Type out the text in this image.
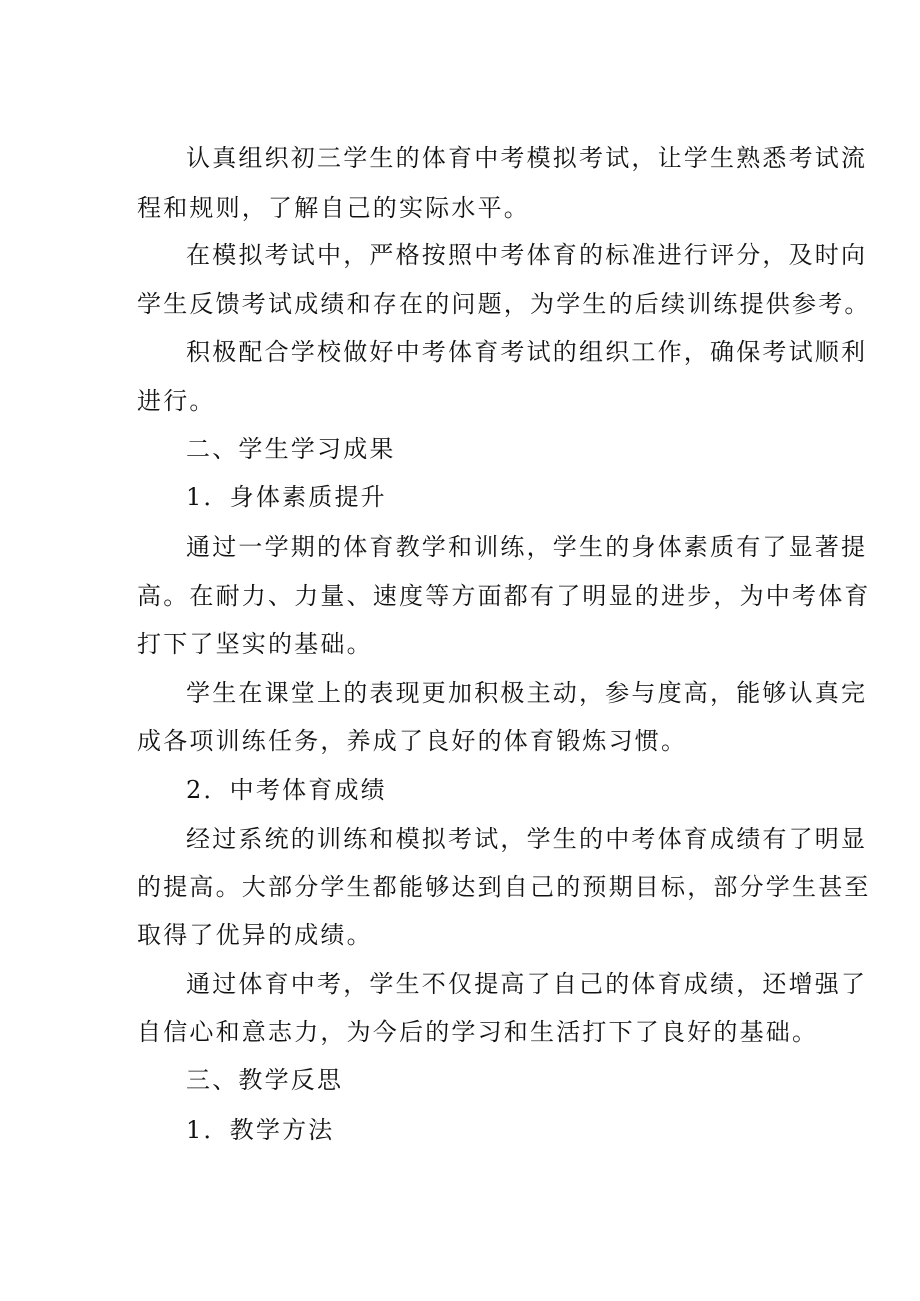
认真组织初三学生的体育中考模拟考试，让学生熟悉考试流
程和规则，了解自己的实际水平。
在模拟考试中，严格按照中考体育的标准进行评分，及时向
学生反馈考试成绩和存在的问题，为学生的后续训练提供参考。
积极配合学校做好中考体育考试的组织工作，确保考试顺利
进行。
二、学生学习成果
1．身体素质提升
通过一学期的体育教学和训练，学生的身体素质有了显著提
高。在耐力、力量、速度等方面都有了明显的进步，为中考体育
打下了坚实的基础。
学生在课堂上的表现更加积极主动，参与度高，能够认真完
成各项训练任务，养成了良好的体育锻炼习惯。
2．中考体育成绩
经过系统的训练和模拟考试，学生的中考体育成绩有了明显
的提高。大部分学生都能够达到自己的预期目标，部分学生甚至
取得了优异的成绩。
通过体育中考，学生不仅提高了自己的体育成绩，还增强了
自信心和意志力，为今后的学习和生活打下了良好的基础。
三、教学反思
1．教学方法
